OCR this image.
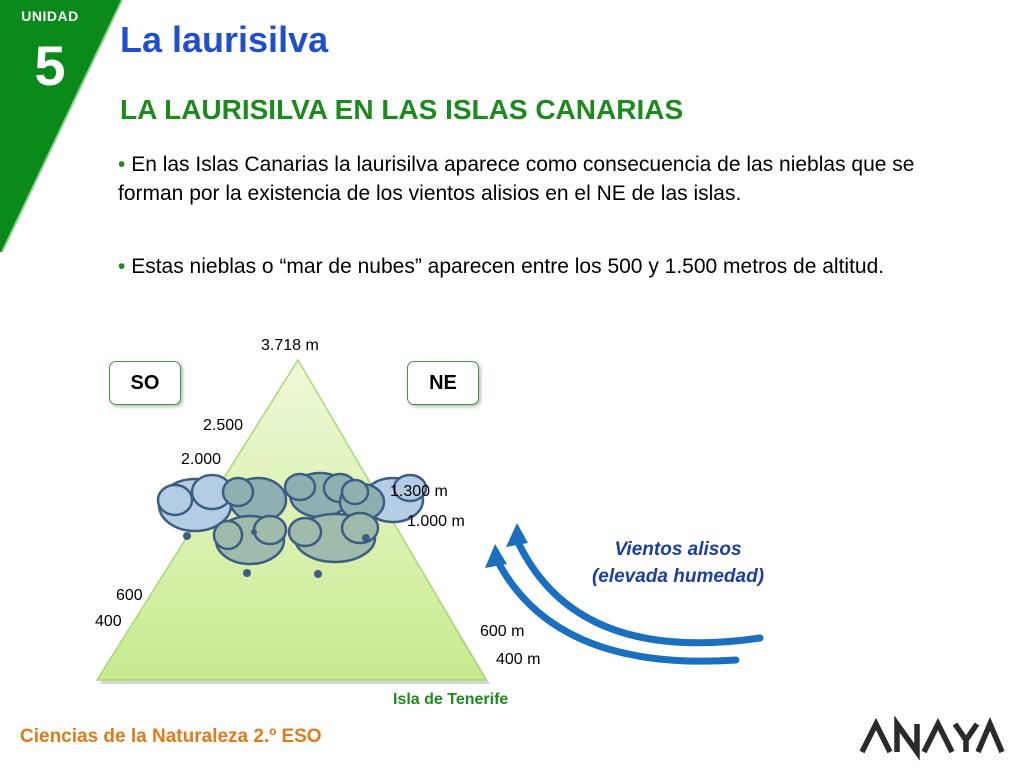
UNIDAD
5	La laurisilva
LA LAURISILVA EN LAS ISLAS CANARIAS
• En las Islas Canarias la laurisilva aparece como consecuencia de las nieblas que se forman por la existencia de los vientos alisios en el NE de las islas.
• Estas nieblas o “mar de nubes” aparecen entre los 500 y 1.500 metros de altitud.
3.718 m
SO	NE
2.500
2.000
600
400
1.300 m
1.000 m
600 m
400 m
Vientos alisos
(elevada humedad)
Isla de Tenerife
Ciencias de la Naturaleza 2.º ESO
